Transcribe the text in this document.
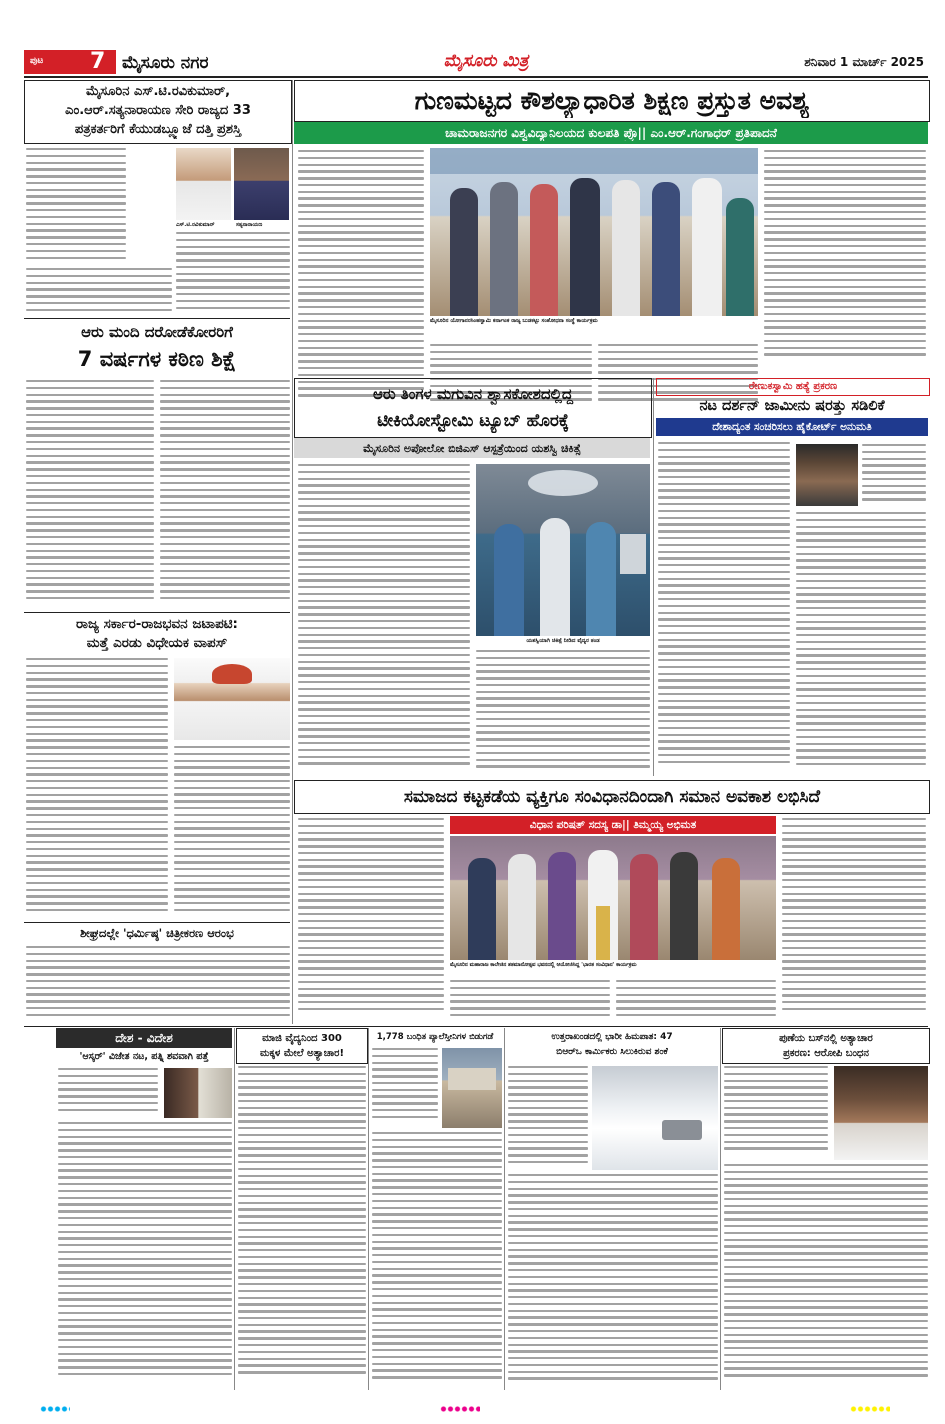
ಪುಟ 7 ಮೈಸೂರು ನಗರ	ಮೈಸೂರು ಮಿತ್ರ	ಶನಿವಾರ 1 ಮಾರ್ಚ್ 2025
ಮೈಸೂರಿನ ಎಸ್.ಟಿ.ರವಿಕುಮಾರ್,
ಎಂ.ಆರ್.ಸತ್ಯನಾರಾಯಣ ಸೇರಿ ರಾಜ್ಯದ 33
ಪತ್ರಕರ್ತರಿಗೆ ಕೆಯುಡಬ್ಲ್ಯೂಜೆ ದತ್ತಿ ಪ್ರಶಸ್ತಿ
ಎಸ್.ಟಿ.ರವಿಕುಮಾರ್	ಸತ್ಯನಾರಾಯಣ
ಆರು ಮಂದಿ ದರೋಡೆಕೋರರಿಗೆ
7 ವರ್ಷಗಳ ಕಠಿಣ ಶಿಕ್ಷೆ
ರಾಜ್ಯ ಸರ್ಕಾರ-ರಾಜಭವನ ಜಟಾಪಟಿ:
ಮತ್ತೆ ಎರಡು ವಿಧೇಯಕ ವಾಪಸ್
ಶೀಘ್ರದಲ್ಲೇ 'ಧರ್ಮಿಷ್ಠ' ಚಿತ್ರೀಕರಣ ಆರಂಭ
ಗುಣಮಟ್ಟದ ಕೌಶಲ್ಯಾಧಾರಿತ ಶಿಕ್ಷಣ ಪ್ರಸ್ತುತ ಅವಶ್ಯ
ಚಾಮರಾಜನಗರ ವಿಶ್ವವಿದ್ಯಾನಿಲಯದ ಕುಲಪತಿ ಪ್ರೊ|| ಎಂ.ಆರ್.ಗಂಗಾಧರ್ ಪ್ರತಿಪಾದನೆ
ಮೈಸೂರಿನ ಯೋಗಾನರಸಿಂಹಸ್ವಾಮಿ ಕರ್ನಾಟಕ ರಾಜ್ಯ ಬುಡಕಟ್ಟು ಸಂಶೋಧನಾ ಸಂಸ್ಥೆ ಕಾರ್ಯಕ್ರಮ
ಆರು ತಿಂಗಳ ಮಗುವಿನ ಶ್ವಾಸಕೋಶದಲ್ಲಿದ್ದ
ಟೀಕಿಯೋಸ್ಟೋಮಿ ಟ್ಯೂಬ್ ಹೊರಕ್ಕೆ
ಮೈಸೂರಿನ ಅಪೋಲೋ ಬಿಜಿಎಸ್ ಆಸ್ಪತ್ರೆಯಿಂದ ಯಶಸ್ವಿ ಚಿಕಿತ್ಸೆ
ಯಶಸ್ವಿಯಾಗಿ ಚಿಕಿತ್ಸೆ ನೀಡಿದ ವೈದ್ಯರ ತಂಡ
ರೇಣುಕಸ್ವಾಮಿ ಹತ್ಯೆ ಪ್ರಕರಣ
ನಟ ದರ್ಶನ್ ಜಾಮೀನು ಷರತ್ತು ಸಡಿಲಿಕೆ
ದೇಶಾದ್ಯಂತ ಸಂಚರಿಸಲು ಹೈಕೋರ್ಟ್ ಅನುಮತಿ
ಸಮಾಜದ ಕಟ್ಟಕಡೆಯ ವ್ಯಕ್ತಿಗೂ ಸಂವಿಧಾನದಿಂದಾಗಿ ಸಮಾನ ಅವಕಾಶ ಲಭಿಸಿದೆ
ವಿಧಾನ ಪರಿಷತ್ ಸದಸ್ಯ ಡಾ|| ತಿಮ್ಮಯ್ಯ ಅಭಿಮತ
ಮೈಸೂರಿನ ಮಹಾರಾಜ ಕಾಲೇಜಿನ ಶತಮಾನೋತ್ಸವ ಭವನದಲ್ಲಿ ಆಯೋಜಿಸಿದ್ದ 'ಭಾರತ ಸಂವಿಧಾನ' ಕಾರ್ಯಕ್ರಮ
ದೇಶ - ವಿದೇಶ
'ಆಸ್ಕರ್' ವಿಜೇತ ನಟ, ಪತ್ನಿ ಶವವಾಗಿ ಪತ್ತೆ
ಮಾಜಿ ವೈದ್ಯನಿಂದ 300
ಮಕ್ಕಳ ಮೇಲೆ ಅತ್ಯಾಚಾರ!
1,778 ಬಂಧಿತ ಪ್ಯಾಲೆಸ್ತೀನಿಗಳ ಬಿಡುಗಡೆ	ಉತ್ತರಾಖಂಡದಲ್ಲಿ ಭಾರೀ ಹಿಮಪಾತ: 47
ಬಿಆರ್‌ಒ ಕಾರ್ಮಿಕರು ಸಿಲುಕಿರುವ ಶಂಕೆ
ಪುಣೆಯ ಬಸ್‌ನಲ್ಲಿ ಅತ್ಯಾಚಾರ
ಪ್ರಕರಣ: ಆರೋಪಿ ಬಂಧನ
